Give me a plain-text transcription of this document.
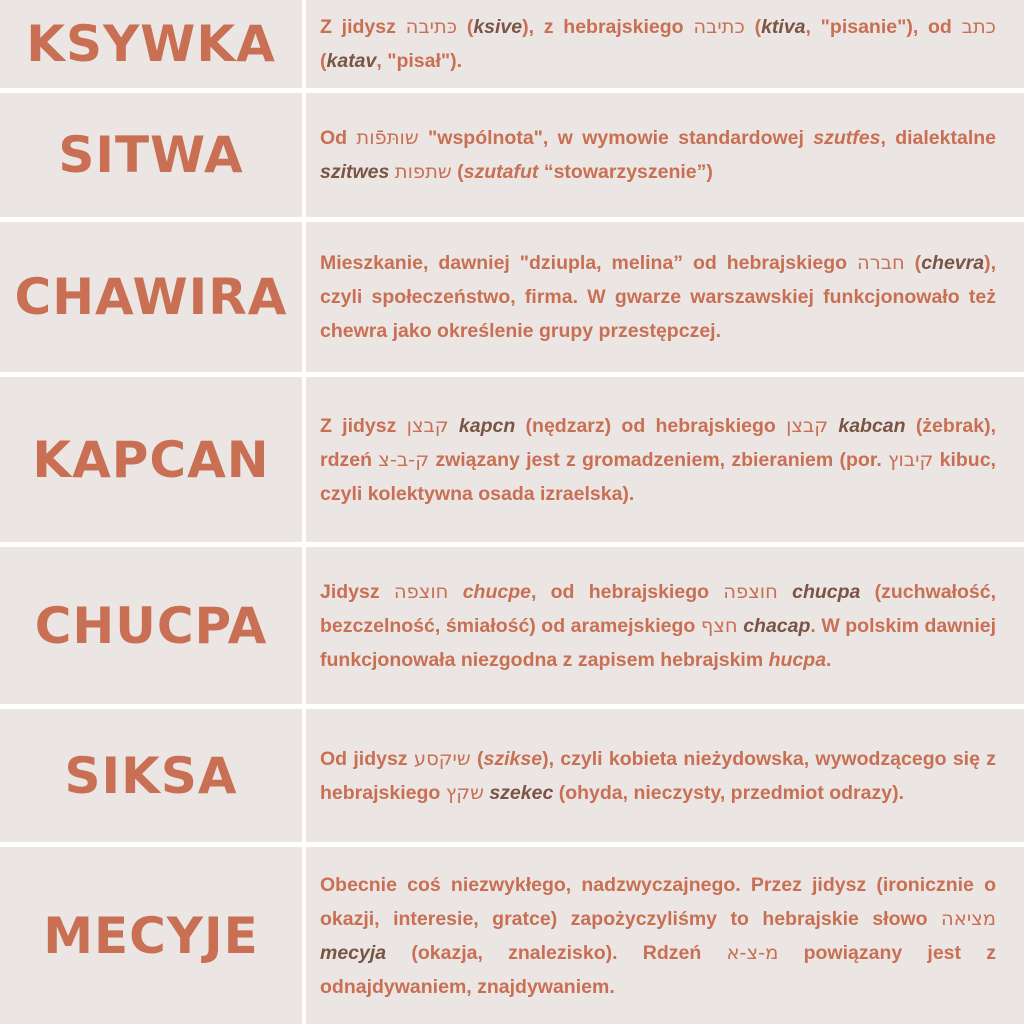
KSYWKA Z jidysz כּתיבה (ksive), z hebrajskiego כתיבה (ktiva, "pisanie"), od כתב (katav, "pisał").

SITWA	Od שותּפֿות "wspólnota", w wymowie standardowej szutfes, dialektalne szitwes שתפות (szutafut “stowarzyszenie”)

CHAWIRA

Mieszkanie, dawniej "dziupla, melina” od hebrajskiego חברה (chevra), czyli społeczeństwo, firma. W gwarze warszawskiej funkcjonowało też chewra jako określenie grupy przestępczej.

KAPCAN

Z jidysz קבצן kapcn (nędzarz) od hebrajskiego קבצן kabcan (żebrak), rdzeń ק-ב-צ związany jest z gromadzeniem, zbieraniem (por. קיבוץ kibuc, czyli kolektywna osada izraelska).

CHUCPA

Jidysz חוצפה chucpe, od hebrajskiego חוצפה chucpa (zuchwałość, bezczelność, śmiałość) od aramejskiego חצף chacap. W polskim dawniej funkcjonowała niezgodna z zapisem hebrajskim hucpa.

SIKSA	Od jidysz שיקסע (szikse), czyli kobieta nieżydowska, wywodzącego się z hebrajskiego שקץ szekec (ohyda, nieczysty, przedmiot odrazy).

MECYJE

Obecnie coś niezwykłego, nadzwyczajnego. Przez jidysz (ironicznie o okazji, interesie, gratce) zapożyczyliśmy to hebrajskie słowo מציאה mecyja (okazja, znalezisko). Rdzeń מ-צ-א powiązany jest z odnajdywaniem, znajdywaniem.
